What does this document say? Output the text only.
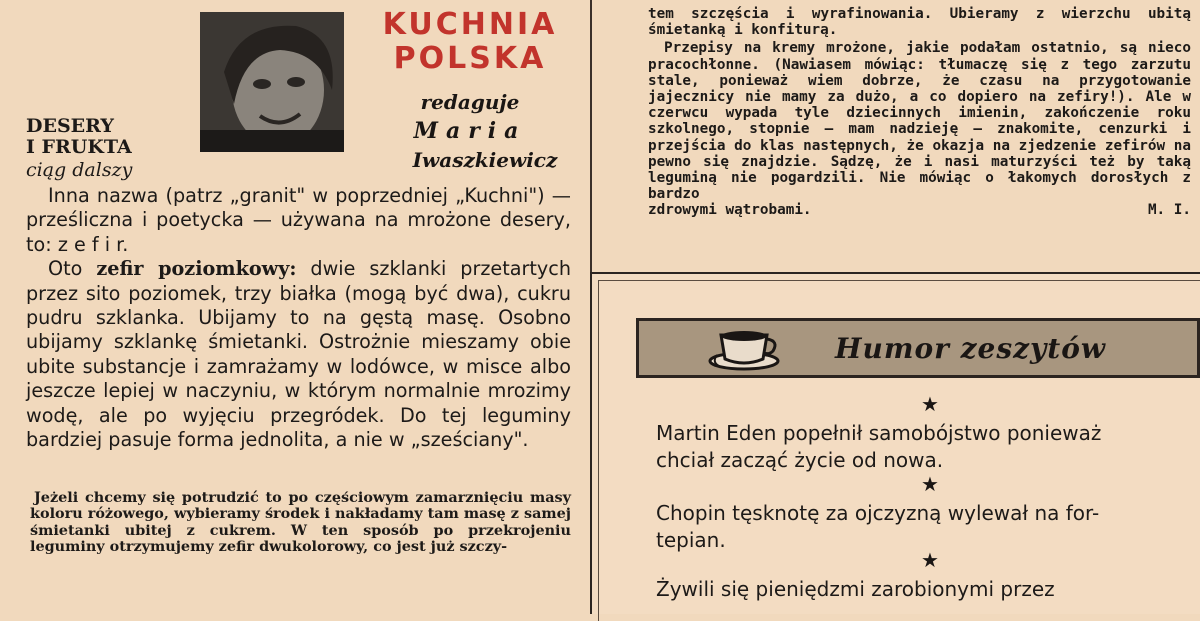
KUCHNIA
POLSKA
redaguje
Maria
Iwaszkiewicz
DESERY
I FRUKTA
ciąg dalszy

Inna nazwa (patrz „granit" w poprzedniej „Kuchni") — prześliczna i poetycka — używana na mrożone desery, to: z e f i r.

Oto zefir poziomkowy: dwie szklanki przetartych przez sito poziomek, trzy białka (mogą być dwa), cukru pudru szklanka. Ubijamy to na gęstą masę. Osobno ubijamy szklankę śmietanki. Ostrożnie mieszamy obie ubite substancje i zamrażamy w lodówce, w misce albo jeszcze lepiej w naczyniu, w którym normalnie mrozimy wodę, ale po wyjęciu przegródek. Do tej leguminy bardziej pasuje forma jednolita, a nie w „sześciany".

Jeżeli chcemy się potrudzić to po częściowym zamarznięciu masy koloru różowego, wybieramy środek i nakładamy tam masę z samej śmietanki ubitej z cukrem. W ten sposób po przekrojeniu leguminy otrzymujemy zefir dwukolorowy, co jest już szczy-

tem szczęścia i wyrafinowania. Ubieramy z wierzchu ubitą śmietanką i konfiturą.

Przepisy na kremy mrożone, jakie podałam ostatnio, są nieco pracochłonne. (Nawiasem mówiąc: tłumaczę się z tego zarzutu stale, ponieważ wiem dobrze, że czasu na przygotowanie jajecznicy nie mamy za dużo, a co dopiero na zefiry!). Ale w czerwcu wypada tyle dziecinnych imienin, zakończenie roku szkolnego, stopnie — mam nadzieję — znakomite, cenzurki i przejścia do klas następnych, że okazja na zjedzenie zefirów na pewno się znajdzie. Sądzę, że i nasi maturzyści też by taką leguminą nie pogardzili. Nie mówiąc o łakomych dorosłych z bardzo

zdrowymi wątrobami.	M. I.
Humor zeszytów
★
Martin Eden popełnił samobójstwo ponieważ
chciał zacząć życie od nowa.
★
Chopin tęsknotę za ojczyzną wylewał na for-
tepian.
★
Żywili się pieniędzmi zarobionymi przez
